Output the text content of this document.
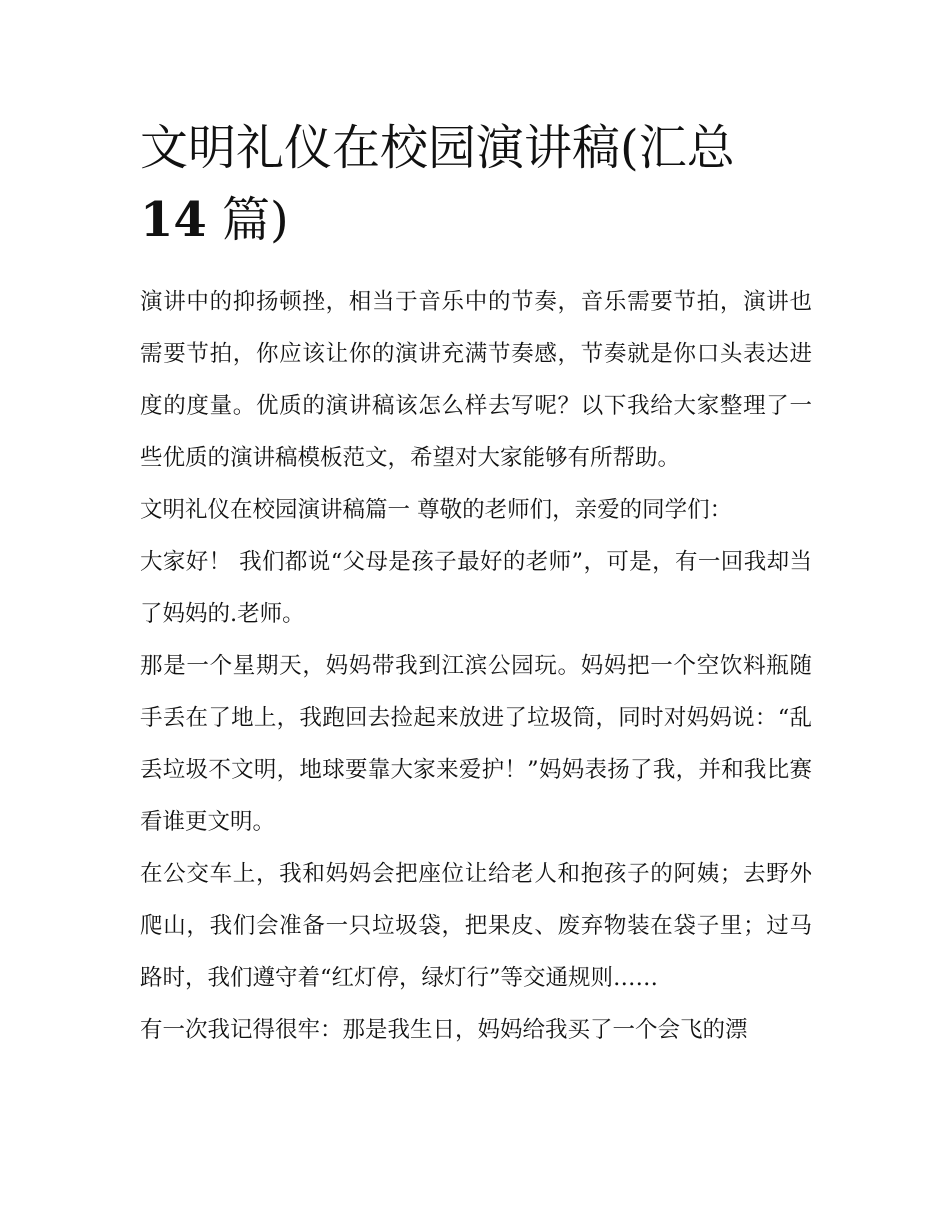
文明礼仪在校园演讲稿(汇总
14 篇)

演讲中的抑扬顿挫，相当于音乐中的节奏，音乐需要节拍，演讲也需要节拍，你应该让你的演讲充满节奏感，节奏就是你口头表达进度的度量。优质的演讲稿该怎么样去写呢？以下我给大家整理了一些优质的演讲稿模板范文，希望对大家能够有所帮助。

文明礼仪在校园演讲稿篇一 尊敬的老师们，亲爱的同学们：

大家好！ 我们都说“父母是孩子最好的老师”，可是，有一回我却当了妈妈的.老师。

那是一个星期天，妈妈带我到江滨公园玩。妈妈把一个空饮料瓶随手丢在了地上，我跑回去捡起来放进了垃圾筒，同时对妈妈说：“乱丢垃圾不文明，地球要靠大家来爱护！”妈妈表扬了我，并和我比赛看谁更文明。

在公交车上，我和妈妈会把座位让给老人和抱孩子的阿姨；去野外爬山，我们会准备一只垃圾袋，把果皮、废弃物装在袋子里；过马路时，我们遵守着“红灯停，绿灯行”等交通规则……

有一次我记得很牢：那是我生日，妈妈给我买了一个会飞的漂
